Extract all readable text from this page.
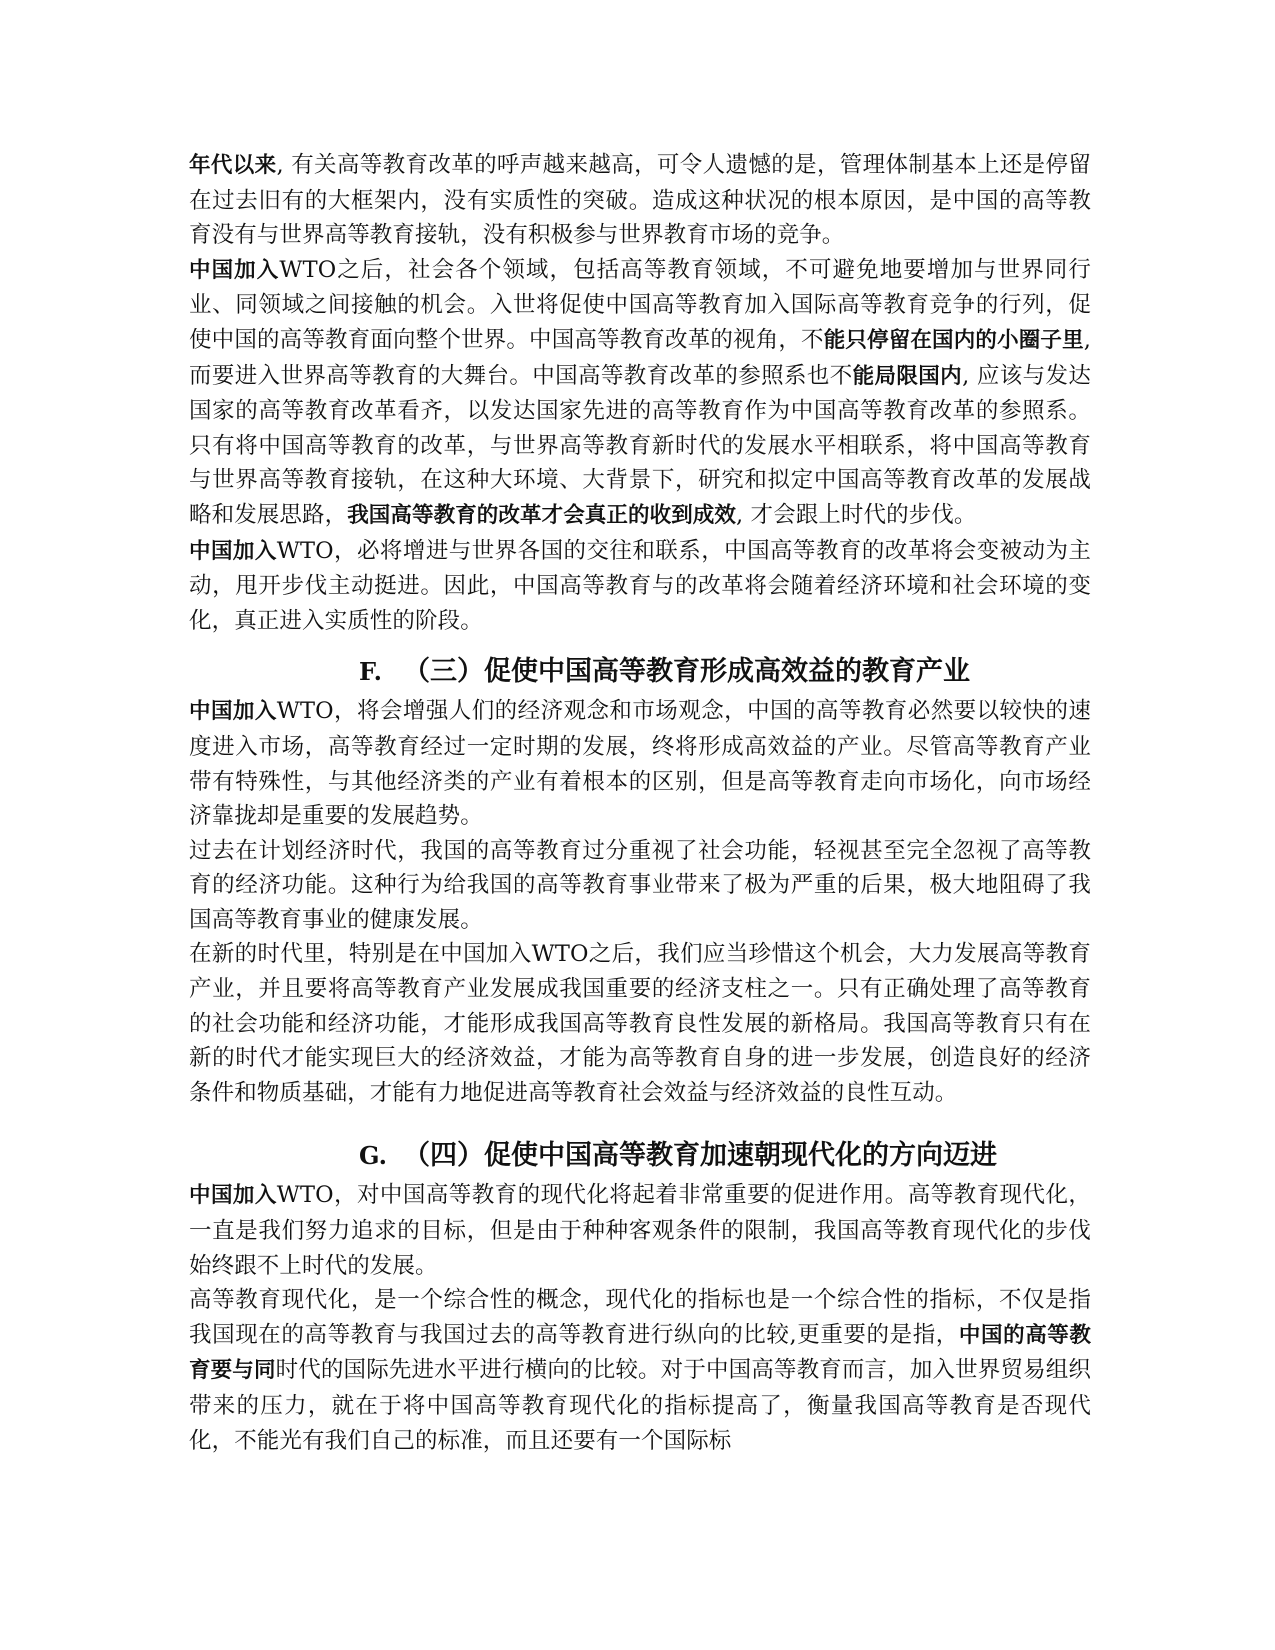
年代以来, 有关高等教育改革的呼声越来越高，可令人遗憾的是，管理体制基本上还是停留在过去旧有的大框架内，没有实质性的突破。造成这种状况的根本原因，是中国的高等教育没有与世界高等教育接轨，没有积极参与世界教育市场的竞争。

中国加入WTO之后，社会各个领域，包括高等教育领域，不可避免地要增加与世界同行业、同领域之间接触的机会。入世将促使中国高等教育加入国际高等教育竞争的行列，促使中国的高等教育面向整个世界。中国高等教育改革的视角，不能只停留在国内的小圈子里, 而要进入世界高等教育的大舞台。中国高等教育改革的参照系也不能局限国内, 应该与发达国家的高等教育改革看齐，以发达国家先进的高等教育作为中国高等教育改革的参照系。只有将中国高等教育的改革，与世界高等教育新时代的发展水平相联系，将中国高等教育与世界高等教育接轨，在这种大环境、大背景下，研究和拟定中国高等教育改革的发展战略和发展思路，我国高等教育的改革才会真正的收到成效, 才会跟上时代的步伐。

中国加入WTO，必将增进与世界各国的交往和联系，中国高等教育的改革将会变被动为主动，甩开步伐主动挺进。因此，中国高等教育与的改革将会随着经济环境和社会环境的变化，真正进入实质性的阶段。

F. （三）促使中国高等教育形成高效益的教育产业

中国加入WTO，将会增强人们的经济观念和市场观念，中国的高等教育必然要以较快的速度进入市场，高等教育经过一定时期的发展，终将形成高效益的产业。尽管高等教育产业带有特殊性，与其他经济类的产业有着根本的区别，但是高等教育走向市场化，向市场经济靠拢却是重要的发展趋势。

过去在计划经济时代，我国的高等教育过分重视了社会功能，轻视甚至完全忽视了高等教育的经济功能。这种行为给我国的高等教育事业带来了极为严重的后果，极大地阻碍了我国高等教育事业的健康发展。

在新的时代里，特别是在中国加入WTO之后，我们应当珍惜这个机会，大力发展高等教育产业，并且要将高等教育产业发展成我国重要的经济支柱之一。只有正确处理了高等教育的社会功能和经济功能，才能形成我国高等教育良性发展的新格局。我国高等教育只有在新的时代才能实现巨大的经济效益，才能为高等教育自身的进一步发展，创造良好的经济条件和物质基础，才能有力地促进高等教育社会效益与经济效益的良性互动。

G. （四）促使中国高等教育加速朝现代化的方向迈进

中国加入WTO，对中国高等教育的现代化将起着非常重要的促进作用。高等教育现代化，一直是我们努力追求的目标，但是由于种种客观条件的限制，我国高等教育现代化的步伐始终跟不上时代的发展。

高等教育现代化，是一个综合性的概念，现代化的指标也是一个综合性的指标，不仅是指我国现在的高等教育与我国过去的高等教育进行纵向的比较,更重要的是指，中国的高等教育要与同时代的国际先进水平进行横向的比较。对于中国高等教育而言，加入世界贸易组织带来的压力，就在于将中国高等教育现代化的指标提高了，衡量我国高等教育是否现代化，不能光有我们自己的标准，而且还要有一个国际标
